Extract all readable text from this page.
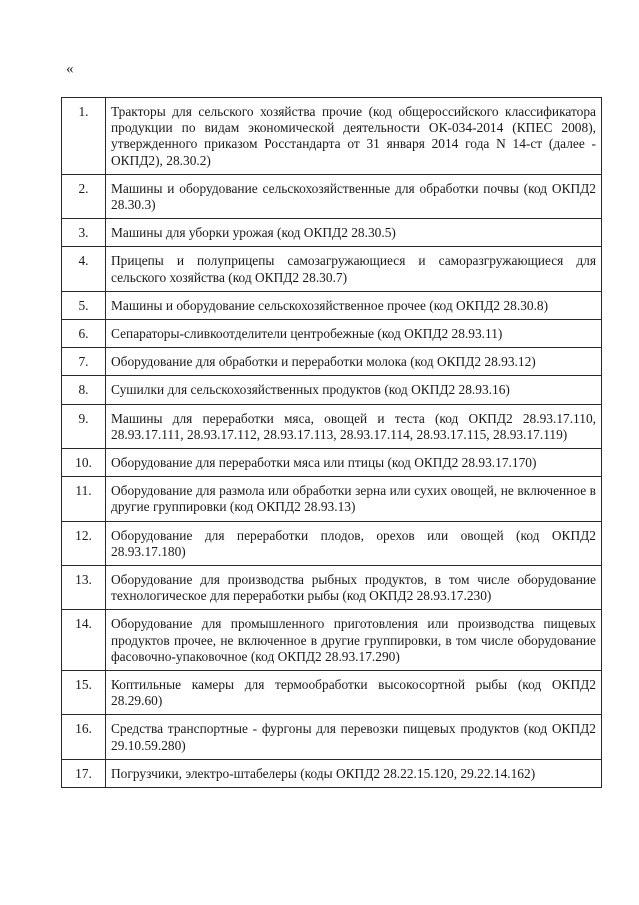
«
1.	Тракторы для сельского хозяйства прочие (код общероссийского классификатора продукции по видам экономической деятельности ОК-034-2014 (КПЕС 2008), утвержденного приказом Росстандарта от 31 января 2014 года N 14-ст (далее - ОКПД2), 28.30.2)
2.	Машины и оборудование сельскохозяйственные для обработки почвы (код ОКПД2 28.30.3)
3.	Машины для уборки урожая (код ОКПД2 28.30.5)
4.	Прицепы и полуприцепы самозагружающиеся и саморазгружающиеся для сельского хозяйства (код ОКПД2 28.30.7)
5.	Машины и оборудование сельскохозяйственное прочее (код ОКПД2 28.30.8)
6.	Сепараторы-сливкоотделители центробежные (код ОКПД2 28.93.11)
7.	Оборудование для обработки и переработки молока (код ОКПД2 28.93.12)
8.	Сушилки для сельскохозяйственных продуктов (код ОКПД2 28.93.16)
9.	Машины для переработки мяса, овощей и теста (код ОКПД2 28.93.17.110, 28.93.17.111, 28.93.17.112, 28.93.17.113, 28.93.17.114, 28.93.17.115, 28.93.17.119)
10.	Оборудование для переработки мяса или птицы (код ОКПД2 28.93.17.170)
11.	Оборудование для размола или обработки зерна или сухих овощей, не включенное в другие группировки (код ОКПД2 28.93.13)
12.	Оборудование для переработки плодов, орехов или овощей (код ОКПД2 28.93.17.180)
13.	Оборудование для производства рыбных продуктов, в том числе оборудование технологическое для переработки рыбы (код ОКПД2 28.93.17.230)
14.	Оборудование для промышленного приготовления или производства пищевых продуктов прочее, не включенное в другие группировки, в том числе оборудование фасовочно-упаковочное (код ОКПД2 28.93.17.290)
15.	Коптильные камеры для термообработки высокосортной рыбы (код ОКПД2 28.29.60)
16.	Средства транспортные - фургоны для перевозки пищевых продуктов (код ОКПД2 29.10.59.280)
17.	Погрузчики, электро-штабелеры (коды ОКПД2 28.22.15.120, 29.22.14.162)
